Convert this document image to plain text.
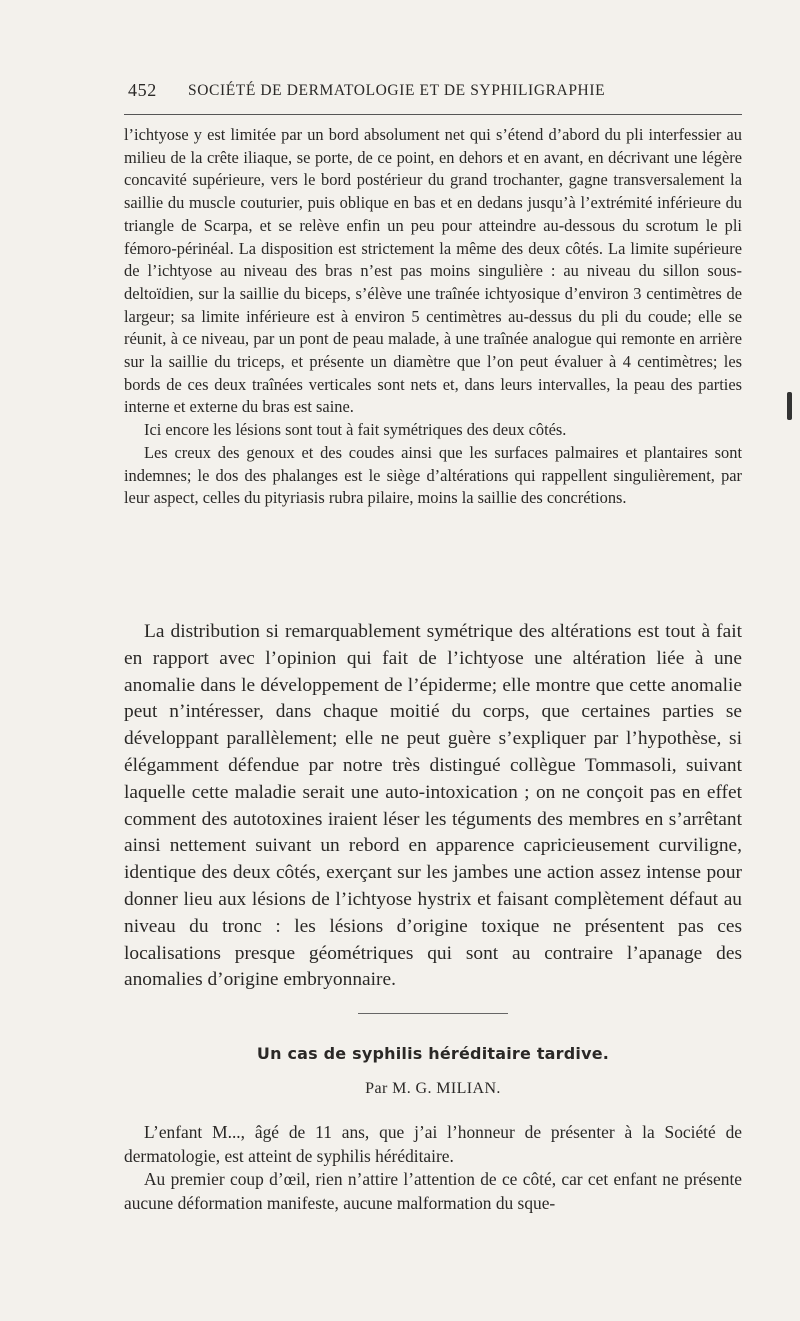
452 SOCIÉTÉ DE DERMATOLOGIE ET DE SYPHILIGRAPHIE

l’ichtyose y est limitée par un bord absolument net qui s’étend d’abord du pli interfessier au milieu de la crête iliaque, se porte, de ce point, en dehors et en avant, en décrivant une légère concavité supérieure, vers le bord postérieur du grand trochanter, gagne transversalement la saillie du muscle couturier, puis oblique en bas et en dedans jusqu’à l’extrémité inférieure du triangle de Scarpa, et se relève enfin un peu pour atteindre au-dessous du scrotum le pli fémoro-périnéal. La disposition est strictement la même des deux côtés. La limite supérieure de l’ichtyose au niveau des bras n’est pas moins singulière : au niveau du sillon sous-deltoïdien, sur la saillie du biceps, s’élève une traînée ichtyosique d’environ 3 centimètres de largeur; sa limite inférieure est à environ 5 centimètres au-dessus du pli du coude; elle se réunit, à ce niveau, par un pont de peau malade, à une traînée analogue qui remonte en arrière sur la saillie du triceps, et présente un diamètre que l’on peut évaluer à 4 centimètres; les bords de ces deux traînées verticales sont nets et, dans leurs intervalles, la peau des parties interne et externe du bras est saine.

Ici encore les lésions sont tout à fait symétriques des deux côtés.

Les creux des genoux et des coudes ainsi que les surfaces palmaires et plantaires sont indemnes; le dos des phalanges est le siège d’altérations qui rappellent singulièrement, par leur aspect, celles du pityriasis rubra pilaire, moins la saillie des concrétions.

La distribution si remarquablement symétrique des altérations est tout à fait en rapport avec l’opinion qui fait de l’ichtyose une altération liée à une anomalie dans le développement de l’épiderme; elle montre que cette anomalie peut n’intéresser, dans chaque moitié du corps, que certaines parties se développant parallèlement; elle ne peut guère s’expliquer par l’hypothèse, si élégamment défendue par notre très distingué collègue Tommasoli, suivant laquelle cette maladie serait une auto-intoxication ; on ne conçoit pas en effet comment des autotoxines iraient léser les téguments des membres en s’arrêtant ainsi nettement suivant un rebord en apparence capricieusement curviligne, identique des deux côtés, exerçant sur les jambes une action assez intense pour donner lieu aux lésions de l’ichtyose hystrix et faisant complètement défaut au niveau du tronc : les lésions d’origine toxique ne présentent pas ces localisations presque géométriques qui sont au contraire l’apanage des anomalies d’origine embryonnaire.

Un cas de syphilis héréditaire tardive.
Par M. G. MILIAN.

L’enfant M..., âgé de 11 ans, que j’ai l’honneur de présenter à la Société de dermatologie, est atteint de syphilis héréditaire.

Au premier coup d’œil, rien n’attire l’attention de ce côté, car cet enfant ne présente aucune déformation manifeste, aucune malformation du sque-
